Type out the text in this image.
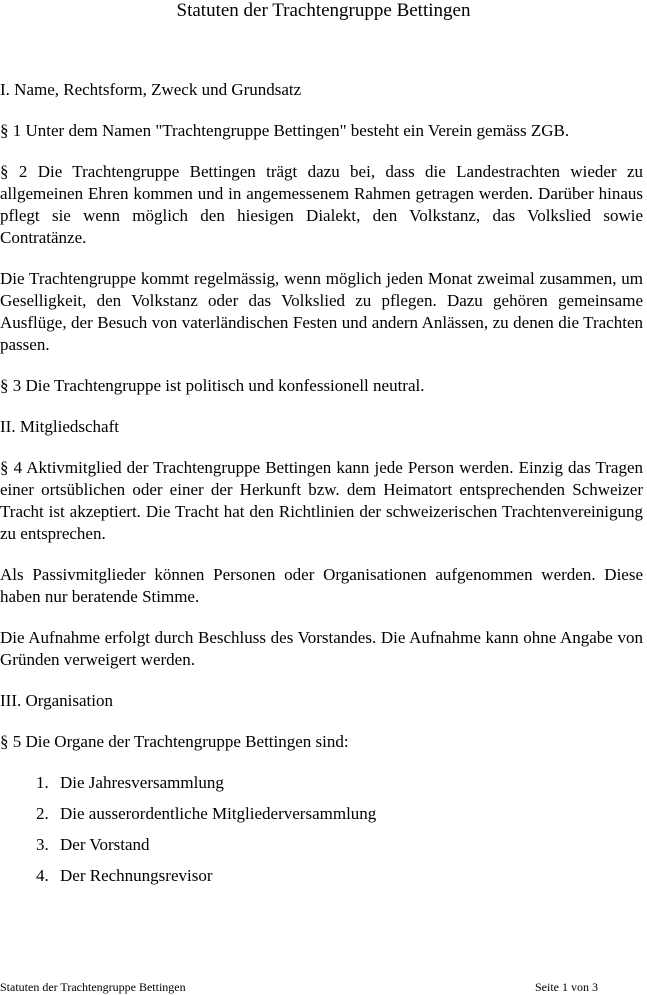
Statuten der Trachtengruppe Bettingen

I. Name, Rechtsform, Zweck und Grundsatz

§ 1 Unter dem Namen "Trachtengruppe Bettingen" besteht ein Verein gemäss ZGB.

§ 2 Die Trachtengruppe Bettingen trägt dazu bei, dass die Landestrachten wieder zu allgemeinen Ehren kommen und in angemessenem Rahmen getragen werden. Darüber hinaus pflegt sie wenn möglich den hiesigen Dialekt, den Volkstanz, das Volkslied sowie Contratänze.

Die Trachtengruppe kommt regelmässig, wenn möglich jeden Monat zweimal zusammen, um Geselligkeit, den Volkstanz oder das Volkslied zu pflegen. Dazu gehören gemeinsame Ausflüge, der Besuch von vaterländischen Festen und andern Anlässen, zu denen die Trachten passen.

§ 3 Die Trachtengruppe ist politisch und konfessionell neutral.

II. Mitgliedschaft

§ 4 Aktivmitglied der Trachtengruppe Bettingen kann jede Person werden. Einzig das Tragen einer ortsüblichen oder einer der Herkunft bzw. dem Heimatort entsprechenden Schweizer Tracht ist akzeptiert. Die Tracht hat den Richtlinien der schweizerischen Trachtenvereinigung zu entsprechen.

Als Passivmitglieder können Personen oder Organisationen aufgenommen werden. Diese haben nur beratende Stimme.

Die Aufnahme erfolgt durch Beschluss des Vorstandes. Die Aufnahme kann ohne Angabe von Gründen verweigert werden.

III. Organisation

§ 5 Die Organe der Trachtengruppe Bettingen sind:

1. Die Jahresversammlung
2. Die ausserordentliche Mitgliederversammlung
3. Der Vorstand
4. Der Rechnungsrevisor
Statuten der Trachtengruppe Bettingen	Seite 1 von 3
